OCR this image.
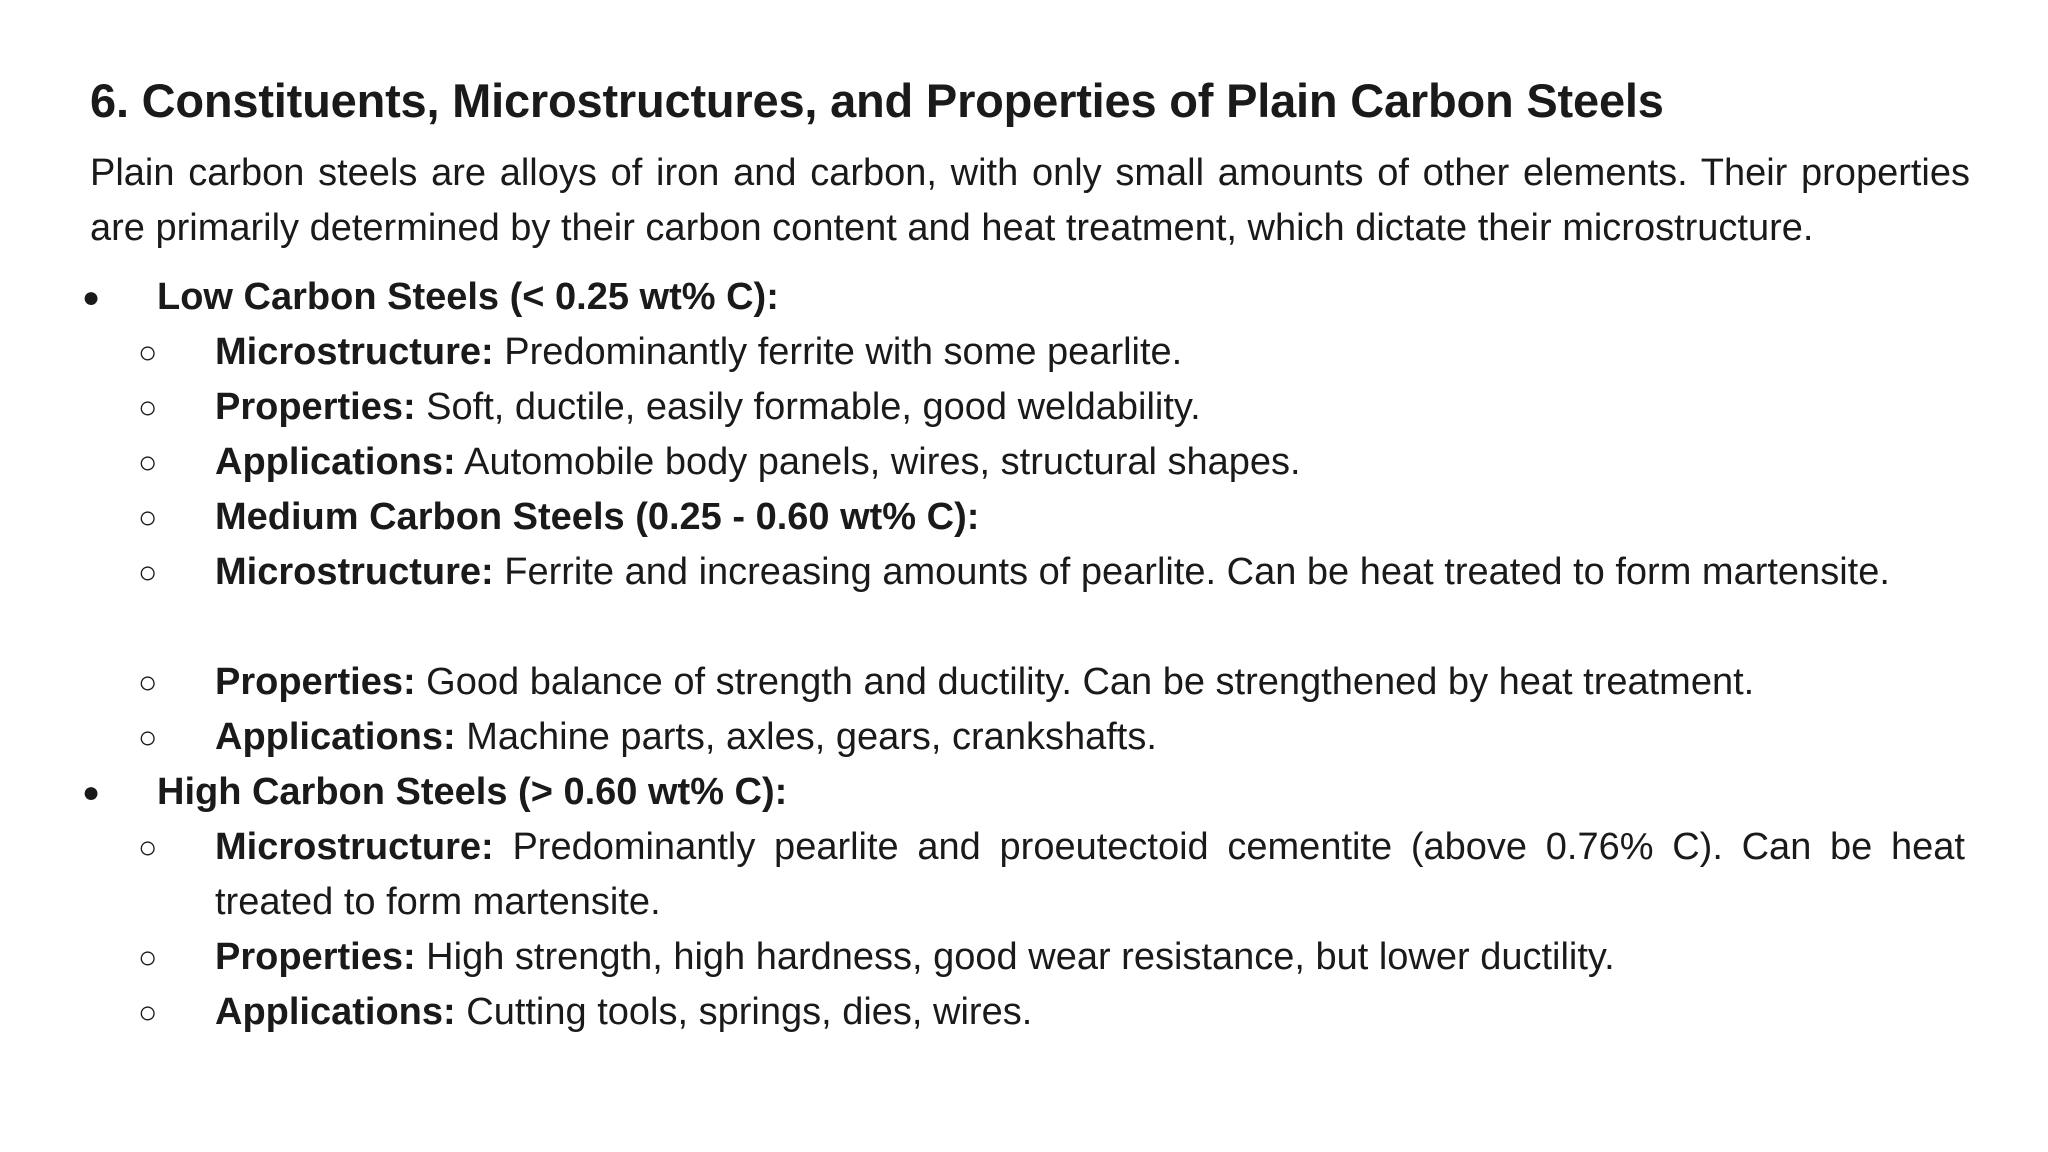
6. Constituents, Microstructures, and Properties of Plain Carbon Steels

Plain carbon steels are alloys of iron and carbon, with only small amounts of other elements. Their properties are primarily determined by their carbon content and heat treatment, which dictate their microstructure.

● Low Carbon Steels (< 0.25 wt% C):
○ Microstructure: Predominantly ferrite with some pearlite.
○ Properties: Soft, ductile, easily formable, good weldability.
○ Applications: Automobile body panels, wires, structural shapes.
○ Medium Carbon Steels (0.25 - 0.60 wt% C):
○ Microstructure: Ferrite and increasing amounts of pearlite. Can be heat treated to form martensite.
○ Properties: Good balance of strength and ductility. Can be strengthened by heat treatment.
○ Applications: Machine parts, axles, gears, crankshafts.
● High Carbon Steels (> 0.60 wt% C):
○ Microstructure: Predominantly pearlite and proeutectoid cementite (above 0.76% C). Can be heat treated to form martensite.
○ Properties: High strength, high hardness, good wear resistance, but lower ductility.
○ Applications: Cutting tools, springs, dies, wires.
